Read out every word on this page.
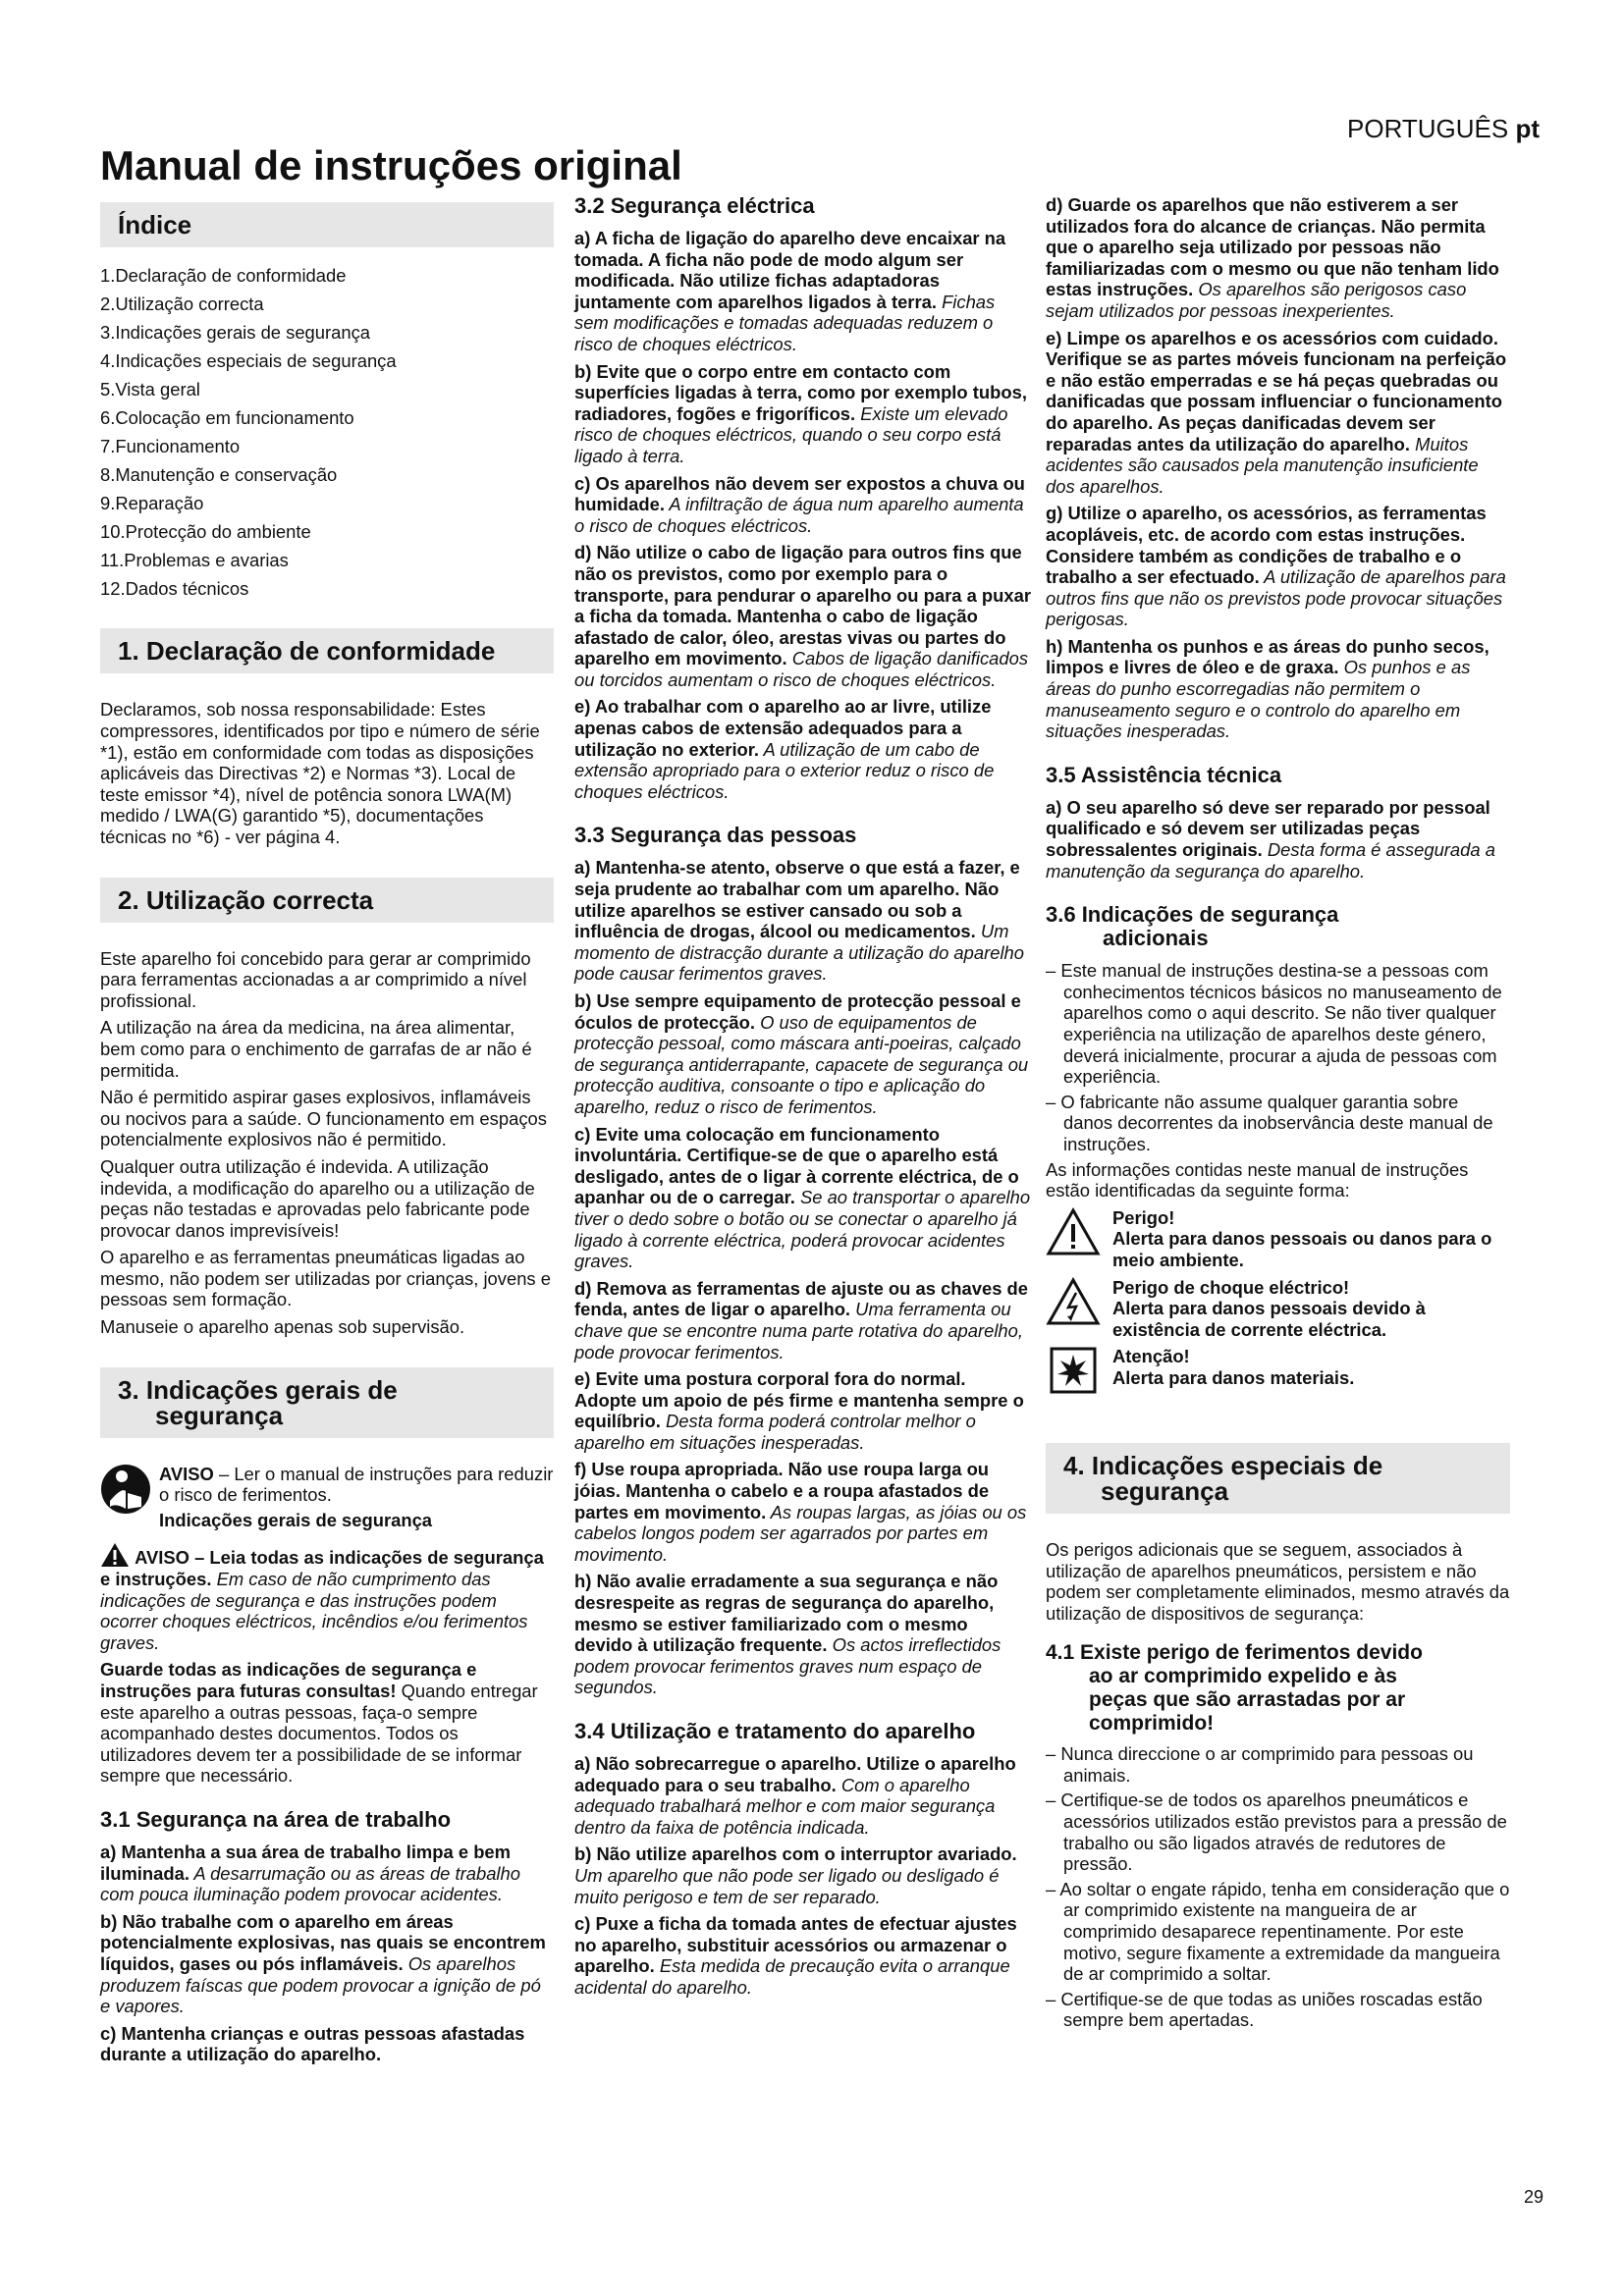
PORTUGUÊS pt
Manual de instruções original
Índice
1.Declaração de conformidade
2.Utilização correcta
3.Indicações gerais de segurança
4.Indicações especiais de segurança
5.Vista geral
6.Colocação em funcionamento
7.Funcionamento
8.Manutenção e conservação
9.Reparação
10.Protecção do ambiente
11.Problemas e avarias
12.Dados técnicos
1. Declaração de conformidade

Declaramos, sob nossa responsabilidade: Estes compressores, identificados por tipo e número de série *1), estão em conformidade com todas as disposições aplicáveis das Directivas *2) e Normas *3). Local de teste emissor *4), nível de potência sonora LWA(M) medido / LWA(G) garantido *5), documentações técnicas no *6) - ver página 4.

2. Utilização correcta

Este aparelho foi concebido para gerar ar comprimido para ferramentas accionadas a ar comprimido a nível profissional.

A utilização na área da medicina, na área alimentar, bem como para o enchimento de garrafas de ar não é permitida.

Não é permitido aspirar gases explosivos, inflamáveis ou nocivos para a saúde. O funcionamento em espaços potencialmente explosivos não é permitido.

Qualquer outra utilização é indevida. A utilização indevida, a modificação do aparelho ou a utilização de peças não testadas e aprovadas pelo fabricante pode provocar danos imprevisíveis!

O aparelho e as ferramentas pneumáticas ligadas ao mesmo, não podem ser utilizadas por crianças, jovens e pessoas sem formação.

Manuseie o aparelho apenas sob supervisão.

3. Indicações gerais de
segurança
AVISO – Ler o manual de instruções para reduzir o risco de ferimentos.
Indicações gerais de segurança

AVISO – Leia todas as indicações de segurança e instruções. Em caso de não cumprimento das indicações de segurança e das instruções podem ocorrer choques eléctricos, incêndios e/ou ferimentos graves.

Guarde todas as indicações de segurança e instruções para futuras consultas! Quando entregar este aparelho a outras pessoas, faça-o sempre acompanhado destes documentos. Todos os utilizadores devem ter a possibilidade de se informar sempre que necessário.

3.1 Segurança na área de trabalho

a) Mantenha a sua área de trabalho limpa e bem iluminada. A desarrumação ou as áreas de trabalho com pouca iluminação podem provocar acidentes.

b) Não trabalhe com o aparelho em áreas potencialmente explosivas, nas quais se encontrem líquidos, gases ou pós inflamáveis. Os aparelhos produzem faíscas que podem provocar a ignição de pó e vapores.

c) Mantenha crianças e outras pessoas afastadas durante a utilização do aparelho.

3.2 Segurança eléctrica

a) A ficha de ligação do aparelho deve encaixar na tomada. A ficha não pode de modo algum ser modificada. Não utilize fichas adaptadoras juntamente com aparelhos ligados à terra. Fichas sem modificações e tomadas adequadas reduzem o risco de choques eléctricos.

b) Evite que o corpo entre em contacto com superfícies ligadas à terra, como por exemplo tubos, radiadores, fogões e frigoríficos. Existe um elevado risco de choques eléctricos, quando o seu corpo está ligado à terra.

c) Os aparelhos não devem ser expostos a chuva ou humidade. A infiltração de água num aparelho aumenta o risco de choques eléctricos.

d) Não utilize o cabo de ligação para outros fins que não os previstos, como por exemplo para o transporte, para pendurar o aparelho ou para a puxar a ficha da tomada. Mantenha o cabo de ligação afastado de calor, óleo, arestas vivas ou partes do aparelho em movimento. Cabos de ligação danificados ou torcidos aumentam o risco de choques eléctricos.

e) Ao trabalhar com o aparelho ao ar livre, utilize apenas cabos de extensão adequados para a utilização no exterior. A utilização de um cabo de extensão apropriado para o exterior reduz o risco de choques eléctricos.

3.3 Segurança das pessoas

a) Mantenha-se atento, observe o que está a fazer, e seja prudente ao trabalhar com um aparelho. Não utilize aparelhos se estiver cansado ou sob a influência de drogas, álcool ou medicamentos. Um momento de distracção durante a utilização do aparelho pode causar ferimentos graves.

b) Use sempre equipamento de protecção pessoal e óculos de protecção. O uso de equipamentos de protecção pessoal, como máscara anti-poeiras, calçado de segurança antiderrapante, capacete de segurança ou protecção auditiva, consoante o tipo e aplicação do aparelho, reduz o risco de ferimentos.

c) Evite uma colocação em funcionamento involuntária. Certifique-se de que o aparelho está desligado, antes de o ligar à corrente eléctrica, de o apanhar ou de o carregar. Se ao transportar o aparelho tiver o dedo sobre o botão ou se conectar o aparelho já ligado à corrente eléctrica, poderá provocar acidentes graves.

d) Remova as ferramentas de ajuste ou as chaves de fenda, antes de ligar o aparelho. Uma ferramenta ou chave que se encontre numa parte rotativa do aparelho, pode provocar ferimentos.

e) Evite uma postura corporal fora do normal. Adopte um apoio de pés firme e mantenha sempre o equilíbrio. Desta forma poderá controlar melhor o aparelho em situações inesperadas.

f) Use roupa apropriada. Não use roupa larga ou jóias. Mantenha o cabelo e a roupa afastados de partes em movimento. As roupas largas, as jóias ou os cabelos longos podem ser agarrados por partes em movimento.

h) Não avalie erradamente a sua segurança e não desrespeite as regras de segurança do aparelho, mesmo se estiver familiarizado com o mesmo devido à utilização frequente. Os actos irreflectidos podem provocar ferimentos graves num espaço de segundos.

3.4 Utilização e tratamento do aparelho

a) Não sobrecarregue o aparelho. Utilize o aparelho adequado para o seu trabalho. Com o aparelho adequado trabalhará melhor e com maior segurança dentro da faixa de potência indicada.

b) Não utilize aparelhos com o interruptor avariado. Um aparelho que não pode ser ligado ou desligado é muito perigoso e tem de ser reparado.

c) Puxe a ficha da tomada antes de efectuar ajustes no aparelho, substituir acessórios ou armazenar o aparelho. Esta medida de precaução evita o arranque acidental do aparelho.

d) Guarde os aparelhos que não estiverem a ser utilizados fora do alcance de crianças. Não permita que o aparelho seja utilizado por pessoas não familiarizadas com o mesmo ou que não tenham lido estas instruções. Os aparelhos são perigosos caso sejam utilizados por pessoas inexperientes.

e) Limpe os aparelhos e os acessórios com cuidado. Verifique se as partes móveis funcionam na perfeição e não estão emperradas e se há peças quebradas ou danificadas que possam influenciar o funcionamento do aparelho. As peças danificadas devem ser reparadas antes da utilização do aparelho. Muitos acidentes são causados pela manutenção insuficiente dos aparelhos.

g) Utilize o aparelho, os acessórios, as ferramentas acopláveis, etc. de acordo com estas instruções. Considere também as condições de trabalho e o trabalho a ser efectuado. A utilização de aparelhos para outros fins que não os previstos pode provocar situações perigosas.

h) Mantenha os punhos e as áreas do punho secos, limpos e livres de óleo e de graxa. Os punhos e as áreas do punho escorregadias não permitem o manuseamento seguro e o controlo do aparelho em situações inesperadas.

3.5 Assistência técnica

a) O seu aparelho só deve ser reparado por pessoal qualificado e só devem ser utilizadas peças sobressalentes originais. Desta forma é assegurada a manutenção da segurança do aparelho.

3.6 Indicações de segurança
adicionais

– Este manual de instruções destina-se a pessoas com conhecimentos técnicos básicos no manuseamento de aparelhos como o aqui descrito. Se não tiver qualquer experiência na utilização de aparelhos deste género, deverá inicialmente, procurar a ajuda de pessoas com experiência.

– O fabricante não assume qualquer garantia sobre danos decorrentes da inobservância deste manual de instruções.

As informações contidas neste manual de instruções estão identificadas da seguinte forma:

Perigo!
Alerta para danos pessoais ou danos para o meio ambiente.
Perigo de choque eléctrico!
Alerta para danos pessoais devido à existência de corrente eléctrica.
Atenção!
Alerta para danos materiais.
4. Indicações especiais de
segurança

Os perigos adicionais que se seguem, associados à utilização de aparelhos pneumáticos, persistem e não podem ser completamente eliminados, mesmo através da utilização de dispositivos de segurança:

4.1 Existe perigo de ferimentos devido
ao ar comprimido expelido e às
peças que são arrastadas por ar
comprimido!

– Nunca direccione o ar comprimido para pessoas ou animais.

– Certifique-se de todos os aparelhos pneumáticos e acessórios utilizados estão previstos para a pressão de trabalho ou são ligados através de redutores de pressão.

– Ao soltar o engate rápido, tenha em consideração que o ar comprimido existente na mangueira de ar comprimido desaparece repentinamente. Por este motivo, segure fixamente a extremidade da mangueira de ar comprimido a soltar.

– Certifique-se de que todas as uniões roscadas estão sempre bem apertadas.

29
